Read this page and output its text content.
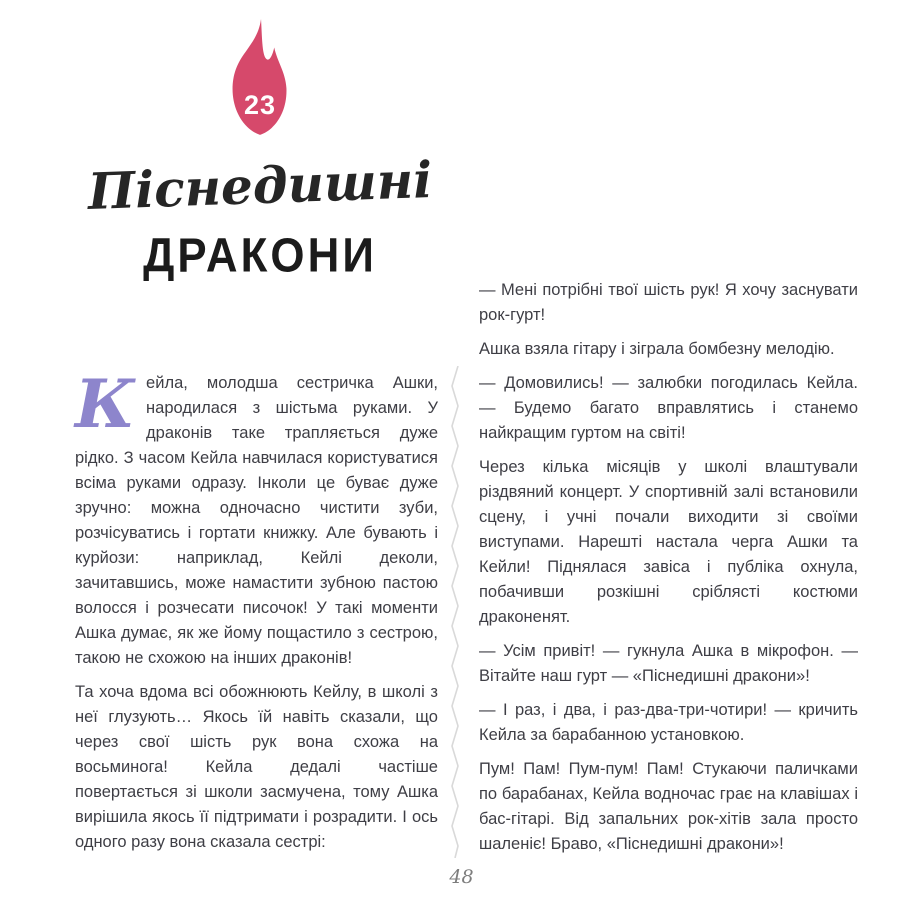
23
Піснедишні
ДРАКОНИ

Кейла, молодша сестричка Ашки, народилася з шістьма руками. У драконів таке трапляється дуже рідко. З часом Кейла навчилася користуватися всіма руками одразу. Інколи це буває дуже зручно: можна одночасно чистити зуби, розчісуватись і гортати книжку. Але бувають і курйози: наприклад, Кейлі деколи, зачитавшись, може намастити зубною пастою волосся і розчесати писочок! У такі моменти Ашка думає, як же йому пощастило з сестрою, такою не схожою на інших драконів!

Та хоча вдома всі обожнюють Кейлу, в школі з неї глузують… Якось їй навіть сказали, що через свої шість рук вона схожа на восьминога! Кейла дедалі частіше повертається зі школи засмучена, тому Ашка вирішила якось її підтримати і розрадити. І ось одного разу вона сказала сестрі:

— Мені потрібні твої шість рук! Я хочу заснувати рок-гурт!

Ашка взяла гітару і зіграла бомбезну мелодію.

— Домовились! — залюбки погодилась Кейла. — Будемо багато вправлятись і станемо найкращим гуртом на світі!

Через кілька місяців у школі влаштували різдвяний концерт. У спортивній залі встановили сцену, і учні почали виходити зі своїми виступами. Нарешті настала черга Ашки та Кейли! Піднялася завіса і публіка охнула, побачивши розкішні сріблясті костюми драконенят.

— Усім привіт! — гукнула Ашка в мікрофон. — Вітайте наш гурт — «Піснедишні дракони»!

— І раз, і два, і раз-два-три-чотири! — кричить Кейла за барабанною установкою.

Пум! Пам! Пум-пум! Пам! Стукаючи паличками по барабанах, Кейла водночас грає на клавішах і бас-гітарі. Від запальних рок-хітів зала просто шаленіє! Браво, «Піснедишні дракони»!

48
